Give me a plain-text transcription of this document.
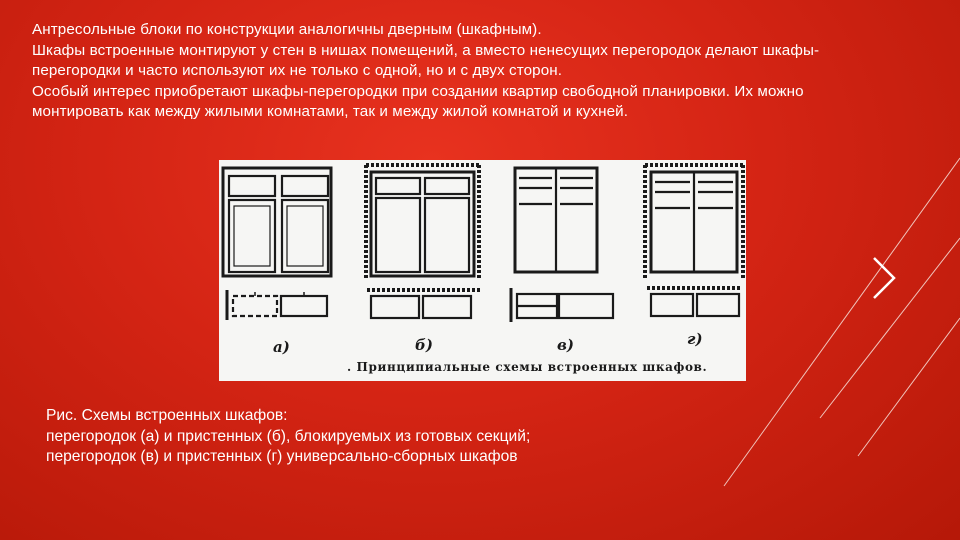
Антресольные блоки по конструкции аналогичны дверным (шкафным).

Шкафы встроенные монтируют у стен в нишах помещений, а вместо ненесущих перегородок делают шкафы-перегородки и часто используют их не только с одной, но и с двух сторон.

Особый интерес приобретают шкафы-перегородки при создании квартир свободной планировки. Их можно монтировать как между жилыми комнатами, так и между жилой комнатой и кухней.

а)	б)	в)	г)
. Принципиальные схемы встроенных шкафов.

Рис. Схемы встроенных шкафов:

перегородок (а) и пристенных (б), блокируемых из готовых секций;

перегородок (в) и пристенных (г) универсально-сборных шкафов
